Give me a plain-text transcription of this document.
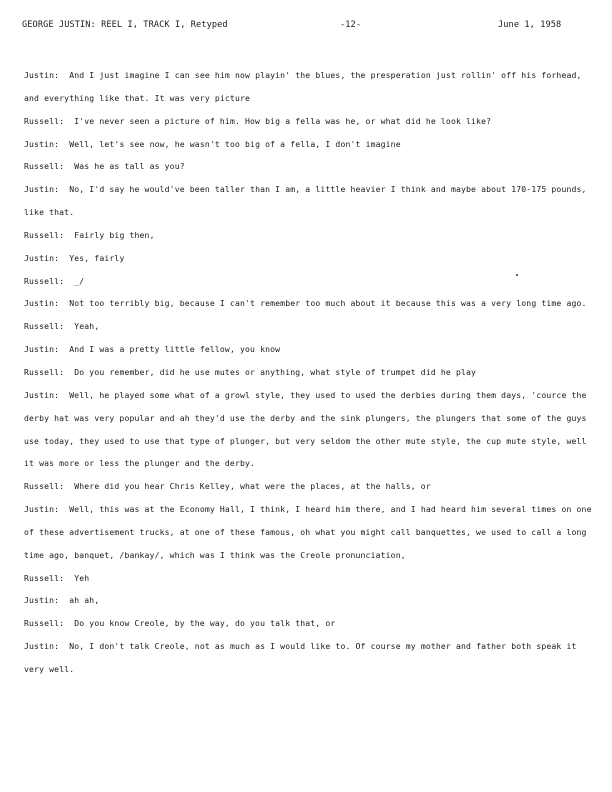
GEORGE JUSTIN: REEL I, TRACK I, Retyped	-12-	June 1, 1958

Justin: And I just imagine I can see him now playin' the blues, the presperation just rollin' off his forhead, and everything like that. It was very picture

Russell: I've never seen a picture of him. How big a fella was he, or what did he look like?

Justin: Well, let's see now, he wasn't too big of a fella, I don't imagine

Russell: Was he as tall as you?

Justin: No, I'd say he would've been taller than I am, a little heavier I think and maybe about 170-175 pounds, like that.

Russell: Fairly big then,

Justin: Yes, fairly

Russell: _/

Justin: Not too terribly big, because I can't remember too much about it because this was a very long time ago.

Russell: Yeah,

Justin: And I was a pretty little fellow, you know

Russell: Do you remember, did he use mutes or anything, what style of trumpet did he play

Justin: Well, he played some what of a growl style, they used to used the derbies during them days, 'cource the derby hat was very popular and ah they'd use the derby and the sink plungers, the plungers that some of the guys use today, they used to use that type of plunger, but very seldom the other mute style, the cup mute style, well it was more or less the plunger and the derby.

Russell: Where did you hear Chris Kelley, what were the places, at the halls, or

Justin: Well, this was at the Economy Hall, I think, I heard him there, and I had heard him several times on one of these advertisement trucks, at one of these famous, oh what you might call banquettes, we used to call a long time ago, banquet, /bankay/, which was I think was the Creole pronunciation,

Russell: Yeh

Justin: ah ah,

Russell: Do you know Creole, by the way, do you talk that, or

Justin: No, I don't talk Creole, not as much as I would like to. Of course my mother and father both speak it very well.
